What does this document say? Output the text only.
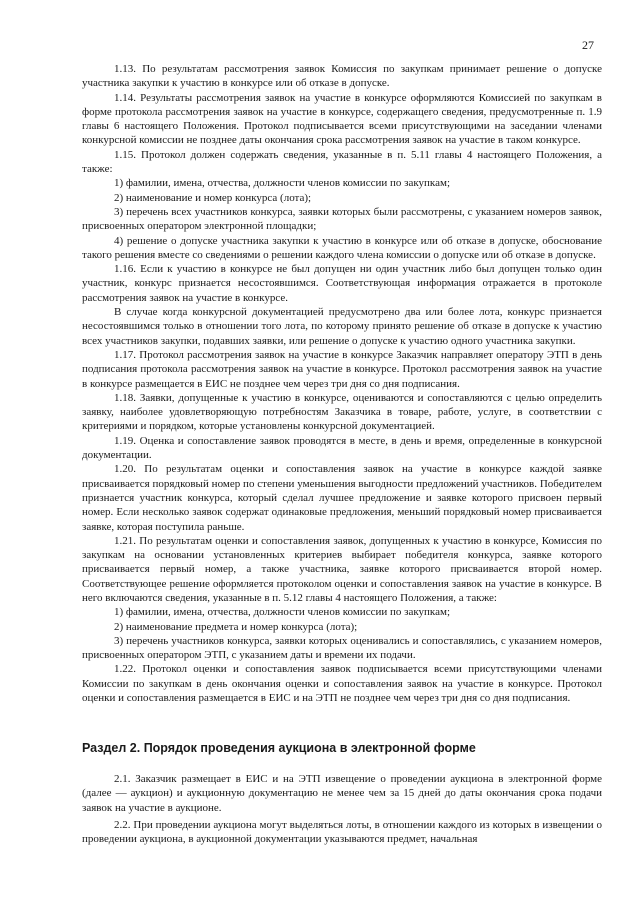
27

1.13. По результатам рассмотрения заявок Комиссия по закупкам принимает решение о допуске участника закупки к участию в конкурсе или об отказе в допуске.

1.14. Результаты рассмотрения заявок на участие в конкурсе оформляются Комиссией по закупкам в форме протокола рассмотрения заявок на участие в конкурсе, содержащего сведения, предусмотренные п. 1.9 главы 6 настоящего Положения. Протокол подписывается всеми присутствующими на заседании членами конкурсной комиссии не позднее даты окончания срока рассмотрения заявок на участие в таком конкурсе.

1.15. Протокол должен содержать сведения, указанные в п. 5.11 главы 4 настоящего Положения, а также:

1) фамилии, имена, отчества, должности членов комиссии по закупкам;

2) наименование и номер конкурса (лота);

3) перечень всех участников конкурса, заявки которых были рассмотрены, с указанием номеров заявок, присвоенных оператором электронной площадки;

4) решение о допуске участника закупки к участию в конкурсе или об отказе в допуске, обоснование такого решения вместе со сведениями о решении каждого члена комиссии о допуске или об отказе в допуске.

1.16. Если к участию в конкурсе не был допущен ни один участник либо был допущен только один участник, конкурс признается несостоявшимся. Соответствующая информация отражается в протоколе рассмотрения заявок на участие в конкурсе.

В случае когда конкурсной документацией предусмотрено два или более лота, конкурс признается несостоявшимся только в отношении того лота, по которому принято решение об отказе в допуске к участию всех участников закупки, подавших заявки, или решение о допуске к участию одного участника закупки.

1.17. Протокол рассмотрения заявок на участие в конкурсе Заказчик направляет оператору ЭТП в день подписания протокола рассмотрения заявок на участие в конкурсе. Протокол рассмотрения заявок на участие в конкурсе размещается в ЕИС не позднее чем через три дня со дня подписания.

1.18. Заявки, допущенные к участию в конкурсе, оцениваются и сопоставляются с целью определить заявку, наиболее удовлетворяющую потребностям Заказчика в товаре, работе, услуге, в соответствии с критериями и порядком, которые установлены конкурсной документацией.

1.19. Оценка и сопоставление заявок проводятся в месте, в день и время, определенные в конкурсной документации.

1.20. По результатам оценки и сопоставления заявок на участие в конкурсе каждой заявке присваивается порядковый номер по степени уменьшения выгодности предложений участников. Победителем признается участник конкурса, который сделал лучшее предложение и заявке которого присвоен первый номер. Если несколько заявок содержат одинаковые предложения, меньший порядковый номер присваивается заявке, которая поступила раньше.

1.21. По результатам оценки и сопоставления заявок, допущенных к участию в конкурсе, Комиссия по закупкам на основании установленных критериев выбирает победителя конкурса, заявке которого присваивается первый номер, а также участника, заявке которого присваивается второй номер. Соответствующее решение оформляется протоколом оценки и сопоставления заявок на участие в конкурсе. В него включаются сведения, указанные в п. 5.12 главы 4 настоящего Положения, а также:

1) фамилии, имена, отчества, должности членов комиссии по закупкам;

2) наименование предмета и номер конкурса (лота);

3) перечень участников конкурса, заявки которых оценивались и сопоставлялись, с указанием номеров, присвоенных оператором ЭТП, с указанием даты и времени их подачи.

1.22. Протокол оценки и сопоставления заявок подписывается всеми присутствующими членами Комиссии по закупкам в день окончания оценки и сопоставления заявок на участие в конкурсе. Протокол оценки и сопоставления размещается в ЕИС и на ЭТП не позднее чем через три дня со дня подписания.

Раздел 2. Порядок проведения аукциона в электронной форме

2.1. Заказчик размещает в ЕИС и на ЭТП извещение о проведении аукциона в электронной форме (далее — аукцион) и аукционную документацию не менее чем за 15 дней до даты окончания срока подачи заявок на участие в аукционе.

2.2. При проведении аукциона могут выделяться лоты, в отношении каждого из которых в извещении о проведении аукциона, в аукционной документации указываются предмет, начальная
